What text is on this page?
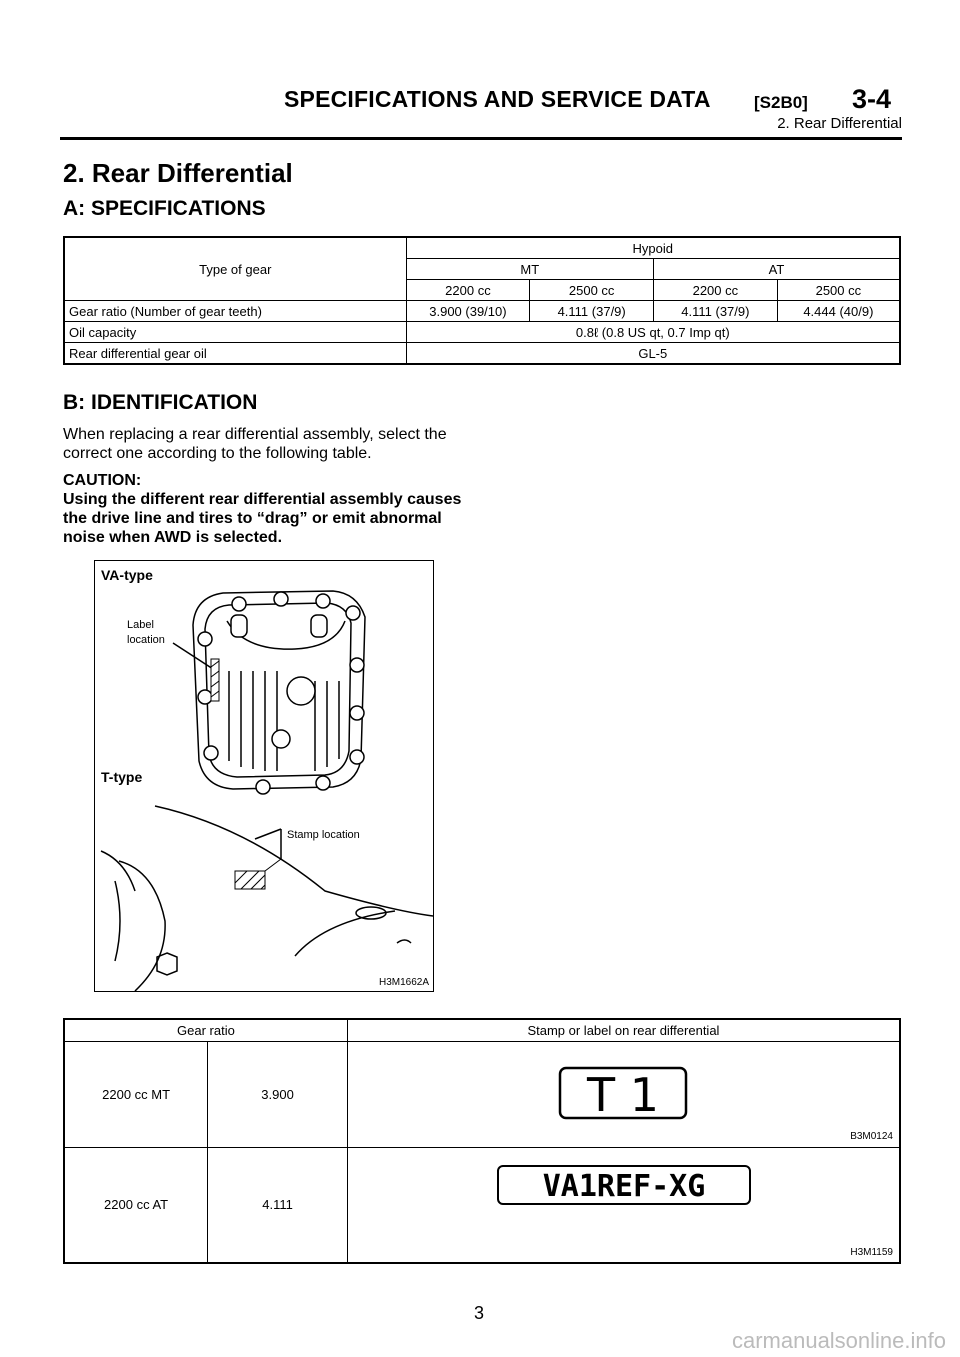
SPECIFICATIONS AND SERVICE DATA	[S2B0] 3-4
2. Rear Differential
2. Rear Differential
A: SPECIFICATIONS
Type of gear	Hypoid			
	MT		AT	
	2200 cc	2500 cc	2200 cc	2500 cc
Gear ratio (Number of gear teeth)	3.900 (39/10)	4.111 (37/9)	4.111 (37/9)	4.444 (40/9)
Oil capacity	0.8ℓ (0.8 US qt, 0.7 Imp qt)			
Rear differential gear oil	GL-5			
B: IDENTIFICATION
When replacing a rear differential assembly, select the correct one according to the following table.
CAUTION:
Using the different rear differential assembly causes the drive line and tires to “drag” or emit abnormal noise when AWD is selected.
VA-type
Label
location
T-type
Stamp location
H3M1662A
Gear ratio		Stamp or label on rear differential
2200 cc MT	3.900	T 1
B3M0124

2200 cc AT	4.111	VA1REF-XG
H3M1159
3
carmanualsonline.info
